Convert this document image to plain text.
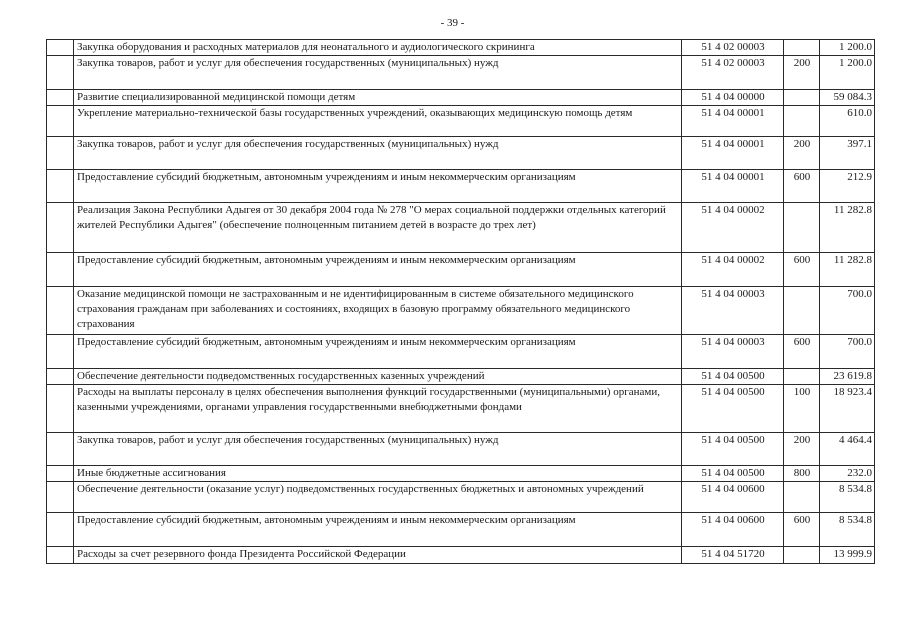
- 39 -
	Закупка оборудования и расходных материалов для неонатального и аудиологического скрининга	51 4 02 00003		1 200.0
	Закупка товаров, работ и услуг для обеспечения государственных (муниципальных) нужд	51 4 02 00003	200	1 200.0
	Развитие специализированной медицинской помощи детям	51 4 04 00000		59 084.3
	Укрепление материально-технической базы государственных учреждений, оказывающих медицинскую помощь детям	51 4 04 00001		610.0
	Закупка товаров, работ и услуг для обеспечения государственных (муниципальных) нужд	51 4 04 00001	200	397.1
	Предоставление субсидий бюджетным, автономным учреждениям и иным некоммерческим организациям	51 4 04 00001	600	212.9
	Реализация Закона Республики Адыгея от 30 декабря 2004 года № 278 "О мерах социальной поддержки отдельных категорий жителей Республики Адыгея" (обеспечение полноценным питанием детей в возрасте до трех лет)	51 4 04 00002		11 282.8
	Предоставление субсидий бюджетным, автономным учреждениям и иным некоммерческим организациям	51 4 04 00002	600	11 282.8
	Оказание медицинской помощи не застрахованным и не идентифицированным в системе обязательного медицинского страхования гражданам при заболеваниях и состояниях, входящих в базовую программу обязательного медицинского страхования	51 4 04 00003		700.0
	Предоставление субсидий бюджетным, автономным учреждениям и иным некоммерческим организациям	51 4 04 00003	600	700.0
	Обеспечение деятельности подведомственных государственных казенных учреждений	51 4 04 00500		23 619.8
	Расходы на выплаты персоналу в целях обеспечения выполнения функций государственными (муниципальными) органами, казенными учреждениями, органами управления государственными внебюджетными фондами	51 4 04 00500	100	18 923.4
	Закупка товаров, работ и услуг для обеспечения государственных (муниципальных) нужд	51 4 04 00500	200	4 464.4
	Иные бюджетные ассигнования	51 4 04 00500	800	232.0
	Обеспечение деятельности (оказание услуг) подведомственных государственных бюджетных и автономных учреждений	51 4 04 00600		8 534.8
	Предоставление субсидий бюджетным, автономным учреждениям и иным некоммерческим организациям	51 4 04 00600	600	8 534.8
	Расходы за счет резервного фонда Президента Российской Федерации	51 4 04 51720		13 999.9
